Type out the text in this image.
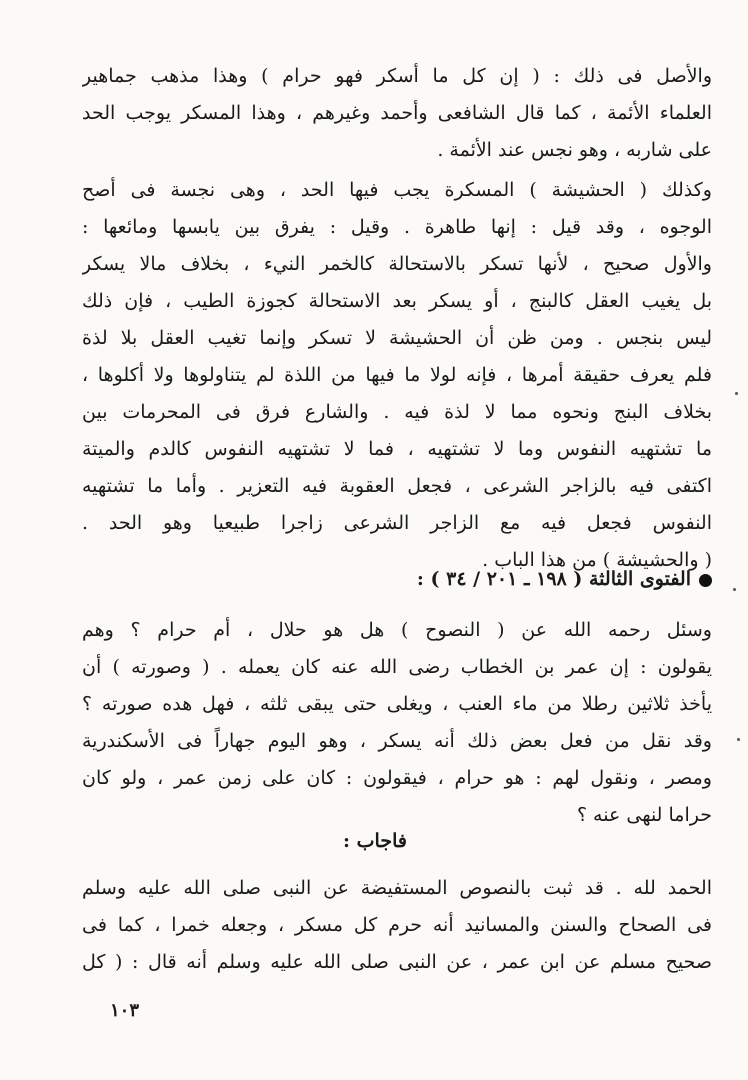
والأصل فى ذلك : ( إن كل ما أسكر فهو حرام ) وهذا مذهب جماهير
العلماء الأئمة ، كما قال الشافعى وأحمد وغيرهم ، وهذا المسكر يوجب الحد
على شاربه ، وهو نجس عند الأئمة .
وكذلك ( الحشيشة ) المسكرة يجب فيها الحد ، وهى نجسة فى أصح
الوجوه ، وقد قيل : إنها طاهرة . وقيل : يفرق بين يابسها ومائعها :
والأول صحيح ، لأنها تسكر بالاستحالة كالخمر النيء ، بخلاف مالا يسكر
بل يغيب العقل كالبنج ، أو يسكر بعد الاستحالة كجوزة الطيب ، فإن ذلك
ليس بنجس . ومن ظن أن الحشيشة لا تسكر وإنما تغيب العقل بلا لذة
فلم يعرف حقيقة أمرها ، فإنه لولا ما فيها من اللذة لم يتناولوها ولا أكلوها ،
بخلاف البنج ونحوه مما لا لذة فيه . والشارع فرق فى المحرمات بين
ما تشتهيه النفوس وما لا تشتهيه ، فما لا تشتهيه النفوس كالدم والميتة
اكتفى فيه بالزاجر الشرعى ، فجعل العقوبة فيه التعزير . وأما ما تشتهيه
النفوس فجعل فيه مع الزاجر الشرعى زاجرا طبيعيا وهو الحد .
( والحشيشة ) من هذا الباب .
الفتوى الثالثة ( ١٩٨ ـ ٢٠١ / ٣٤ ) :
وسئل رحمه الله عن ( النصوح ) هل هو حلال ، أم حرام ؟ وهم
يقولون : إن عمر بن الخطاب رضى الله عنه كان يعمله . ( وصورته ) أن
يأخذ ثلاثين رطلا من ماء العنب ، ويغلى حتى يبقى ثلثه ، فهل هده صورته ؟
وقد نقل من فعل بعض ذلك أنه يسكر ، وهو اليوم جهاراً فى الأسكندرية
ومصر ، ونقول لهم : هو حرام ، فيقولون : كان على زمن عمر ، ولو كان
حراما لنهى عنه ؟
فاجاب :
الحمد لله . قد ثبت بالنصوص المستفيضة عن النبى صلى الله عليه وسلم
فى الصحاح والسنن والمسانيد أنه حرم كل مسكر ، وجعله خمرا ، كما فى
صحيح مسلم عن ابن عمر ، عن النبى صلى الله عليه وسلم أنه قال : ( كل
١٠٣
